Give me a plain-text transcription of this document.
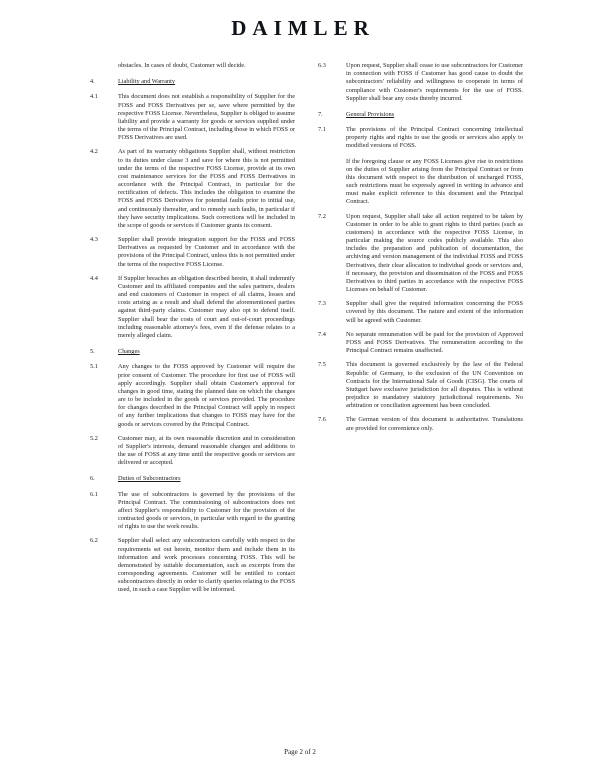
DAIMLER

obstacles. In cases of doubt, Customer will decide.

4.	Liability and Warranty
4.1	This document does not establish a responsibility of Supplier for the FOSS and FOSS Derivatives per se, save where permitted by the respective FOSS License. Nevertheless, Supplier is obliged to assume liability and provide a warranty for goods or services supplied under the terms of the Principal Contract, including those in which FOSS or FOSS Derivatives are used.

4.2	As part of its warranty obligations Supplier shall, without restriction to its duties under clause 3 and save for where this is not permitted under the terms of the respective FOSS License, provide at its own cost maintenance services for the FOSS and FOSS Derivatives in accordance with the Principal Contract, in particular for the rectification of defects. This includes the obligation to examine the FOSS and FOSS Derivatives for potential faults prior to initial use, and continuously thereafter, and to remedy such faults, in particular if they have security implications. Such corrections will be included in the scope of goods or services if Customer grants its consent.

4.3	Supplier shall provide integration support for the FOSS and FOSS Derivatives as requested by Customer and in accordance with the provisions of the Principal Contract, unless this is not permitted under the terms of the respective FOSS License.

4.4	If Supplier breaches an obligation described herein, it shall indemnify Customer and its affiliated companies and the sales partners, dealers and end customers of Customer in respect of all claims, losses and costs arising as a result and shall defend the aforementioned parties against third-party claims. Customer may also opt to defend itself. Supplier shall bear the costs of court and out-of-court proceedings including reasonable attorney's fees, even if the defense relates to a merely alleged claim.

5.	Changes
5.1	Any changes to the FOSS approved by Customer will require the prior consent of Customer. The procedure for first use of FOSS will apply accordingly. Supplier shall obtain Customer's approval for changes in good time, stating the planned date on which the changes are to be included in the goods or services provided. The procedure for changes described in the Principal Contract will apply in respect of any further implications that changes to FOSS may have for the goods or services covered by the Principal Contract.

5.2	Customer may, at its own reasonable discretion and in consideration of Supplier's interests, demand reasonable changes and additions to the use of FOSS at any time until the respective goods or services are delivered or accepted.

6.	Duties of Subcontractors
6.1	The use of subcontractors is governed by the provisions of the Principal Contract. The commissioning of subcontractors does not affect Supplier's responsibility to Customer for the provision of the contracted goods or services, in particular with regard to the granting of rights to use the work results.

6.2	Supplier shall select any subcontractors carefully with respect to the requirements set out herein, monitor them and include them in its information and work processes concerning FOSS. This will be demonstrated by suitable documentation, such as excerpts from the corresponding agreements. Customer will be entitled to contact subcontractors directly in order to clarify queries relating to the FOSS used, in such a case Supplier will be informed.

6.3	Upon request, Supplier shall cease to use subcontractors for Customer in connection with FOSS if Customer has good cause to doubt the subcontractors' reliability and willingness to cooperate in terms of compliance with Customer's requirements for the use of FOSS. Supplier shall bear any costs thereby incurred.

7.	General Provisions
7.1	The provisions of the Principal Contract concerning intellectual property rights and rights to use the goods or services also apply to modified versions of FOSS.

If the foregoing clause or any FOSS Licenses give rise to restrictions on the duties of Supplier arising from the Principal Contract or from this document with respect to the distribution of uncharged FOSS, such restrictions must be expressly agreed in writing in advance and must make explicit reference to this document and the Principal Contract.

7.2	Upon request, Supplier shall take all action required to be taken by Customer in order to be able to grant rights to third parties (such as customers) in accordance with the respective FOSS License, in particular making the source codes publicly available. This also includes the preparation and publication of documentation, the archiving and version management of the individual FOSS and FOSS Derivatives, their clear allocation to individual goods or services and, if necessary, the provision and dissemination of the FOSS and FOSS Derivatives to third parties in accordance with the respective FOSS Licenses on behalf of Customer.

7.3	Supplier shall give the required information concerning the FOSS covered by this document. The nature and extent of the information will be agreed with Customer.

7.4	No separate remuneration will be paid for the provision of Approved FOSS and FOSS Derivatives. The remuneration according to the Principal Contract remains unaffected.

7.5	This document is governed exclusively by the law of the Federal Republic of Germany, to the exclusion of the UN Convention on Contracts for the International Sale of Goods (CISG). The courts of Stuttgart have exclusive jurisdiction for all disputes. This is without prejudice to mandatory statutory jurisdictional requirements. No arbitration or conciliation agreement has been concluded.

7.6	The German version of this document is authoritative. Translations are provided for convenience only.

Page 2 of 2
